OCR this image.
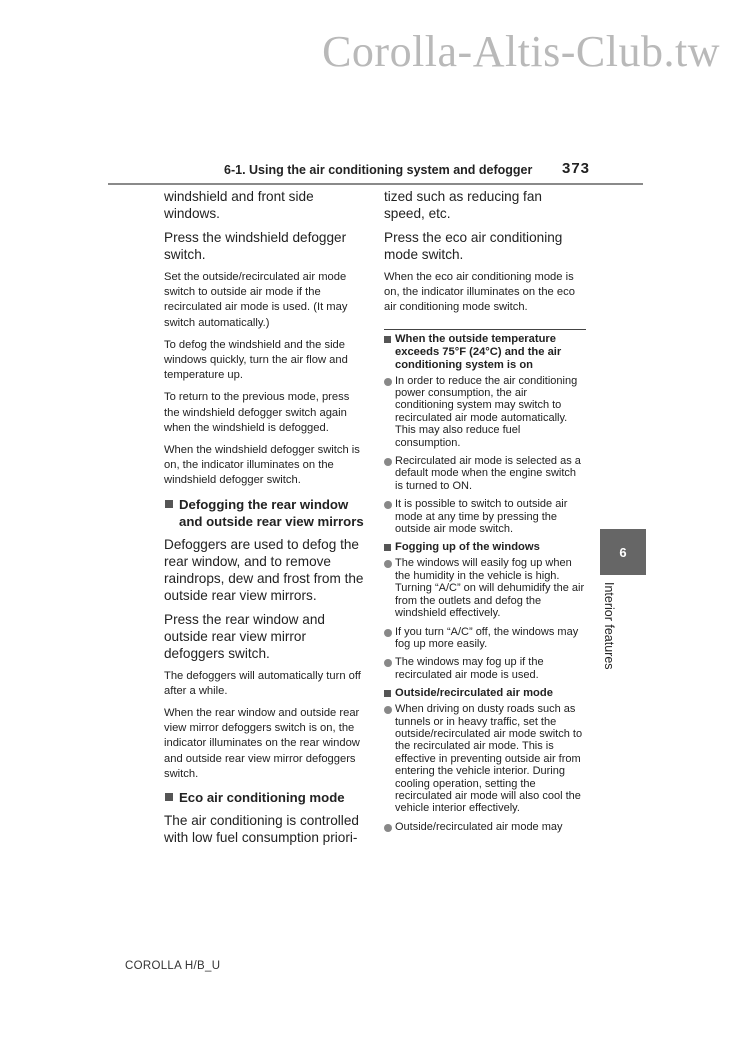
Corolla-Altis-Club.tw
6-1. Using the air conditioning system and defogger 373

windshield and front side windows.

Press the windshield defogger switch.

Set the outside/recirculated air mode switch to outside air mode if the recirculated air mode is used. (It may switch automatically.)

To defog the windshield and the side windows quickly, turn the air flow and temperature up.

To return to the previous mode, press the windshield defogger switch again when the windshield is defogged.

When the windshield defogger switch is on, the indicator illuminates on the windshield defogger switch.

Defogging the rear window and outside rear view mirrors

Defoggers are used to defog the rear window, and to remove raindrops, dew and frost from the outside rear view mirrors.

Press the rear window and outside rear view mirror defoggers switch.

The defoggers will automatically turn off after a while.

When the rear window and outside rear view mirror defoggers switch is on, the indicator illuminates on the rear window and outside rear view mirror defoggers switch.

Eco air conditioning mode

The air conditioning is controlled with low fuel consumption priori-

tized such as reducing fan speed, etc.

Press the eco air conditioning mode switch.

When the eco air conditioning mode is on, the indicator illuminates on the eco air conditioning mode switch.

When the outside temperature exceeds 75°F (24°C) and the air conditioning system is on
In order to reduce the air conditioning power consumption, the air conditioning system may switch to recirculated air mode automatically. This may also reduce fuel consumption.
Recirculated air mode is selected as a default mode when the engine switch is turned to ON.
It is possible to switch to outside air mode at any time by pressing the outside air mode switch.
Fogging up of the windows
The windows will easily fog up when the humidity in the vehicle is high. Turning “A/C” on will dehumidify the air from the outlets and defog the windshield effectively.
If you turn “A/C” off, the windows may fog up more easily.
The windows may fog up if the recirculated air mode is used.
Outside/recirculated air mode
When driving on dusty roads such as tunnels or in heavy traffic, set the outside/recirculated air mode switch to the recirculated air mode. This is effective in preventing outside air from entering the vehicle interior. During cooling operation, setting the recirculated air mode will also cool the vehicle interior effectively.
Outside/recirculated air mode may
6
Interior features
COROLLA H/B_U
